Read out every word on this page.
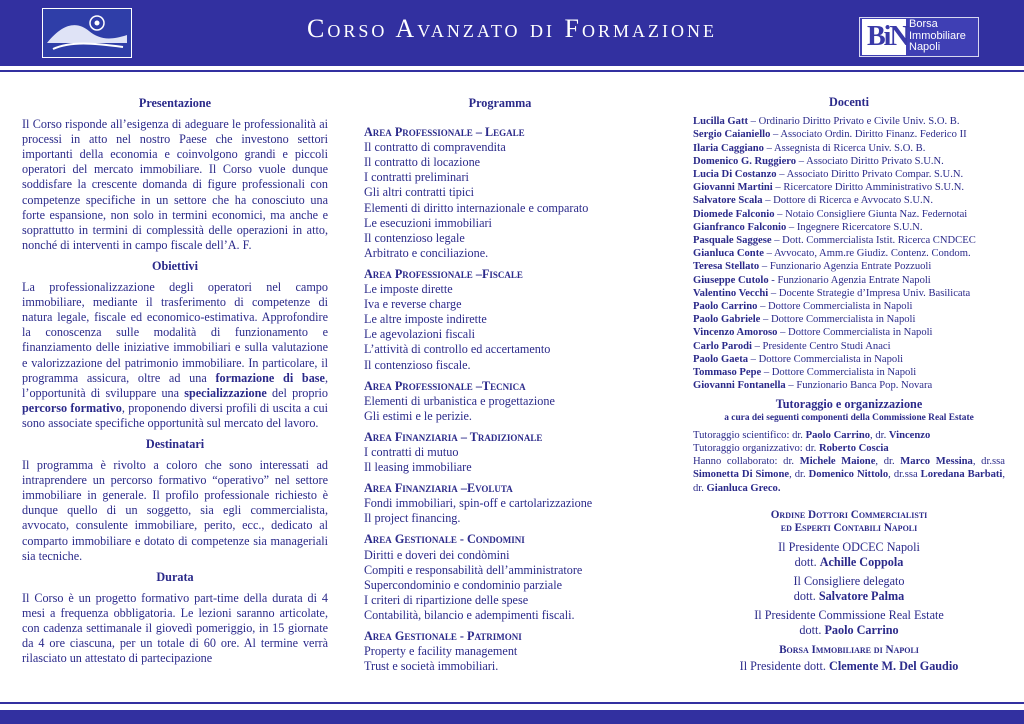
Corso Avanzato di Formazione	BiN Borsa
Immobiliare
Napoli
Presentazione

Il Corso risponde all’esigenza di adeguare le professionalità ai processi in atto nel nostro Paese che investono settori importanti della economia e coinvolgono grandi e piccoli operatori del mercato immobiliare. Il Corso vuole dunque soddisfare la crescente domanda di figure professionali con competenze specifiche in un settore che ha conosciuto una forte espansione, non solo in termini economici, ma anche e soprattutto in termini di complessità delle operazioni in atto, nonché di interventi in campo fiscale dell’A. F.

Obiettivi

La professionalizzazione degli operatori nel campo immobiliare, mediante il trasferimento di competenze di natura legale, fiscale ed economico-estimativa. Approfondire la conoscenza sulle modalità di funzionamento e finanziamento delle iniziative immobiliari e sulla valutazione e valorizzazione del patrimonio immobiliare. In particolare, il programma assicura, oltre ad una formazione di base, l’opportunità di sviluppare una specializzazione del proprio percorso formativo, proponendo diversi profili di uscita a cui sono associate specifiche opportunità sul mercato del lavoro.

Destinatari

Il programma è rivolto a coloro che sono interessati ad intraprendere un percorso formativo “operativo” nel settore immobiliare in generale. Il profilo professionale richiesto è dunque quello di un soggetto, sia egli commercialista, avvocato, consulente immobiliare, perito, ecc., dedicato al comparto immobiliare e dotato di competenze sia manageriali sia tecniche.

Durata

Il Corso è un progetto formativo part-time della durata di 4 mesi a frequenza obbligatoria. Le lezioni saranno articolate, con cadenza settimanale il giovedì pomeriggio, in 15 giornate da 4 ore ciascuna, per un totale di 60 ore. Al termine verrà rilasciato un attestato di partecipazione

Programma
Area Professionale – Legale
Il contratto di compravendita
Il contratto di locazione
I contratti preliminari
Gli altri contratti tipici
Elementi di diritto internazionale e comparato
Le esecuzioni immobiliari
Il contenzioso legale
Arbitrato e conciliazione.
Area Professionale –Fiscale
Le imposte dirette
Iva e reverse charge
Le altre imposte indirette
Le agevolazioni fiscali
L’attività di controllo ed accertamento
Il contenzioso fiscale.
Area Professionale –Tecnica
Elementi di urbanistica e progettazione
Gli estimi e le perizie.
Area Finanziaria – Tradizionale
I contratti di mutuo
Il leasing immobiliare
Area Finanziaria –Evoluta
Fondi immobiliari, spin-off e cartolarizzazione
Il project financing.
Area Gestionale - Condomini
Diritti e doveri dei condòmini
Compiti e responsabilità dell’amministratore
Supercondominio e condominio parziale
I criteri di ripartizione delle spese
Contabilità, bilancio e adempimenti fiscali.
Area Gestionale - Patrimoni
Property e facility management
Trust e società immobiliari.
Docenti
Lucilla Gatt – Ordinario Diritto Privato e Civile Univ. S.O. B.
Sergio Caianiello – Associato Ordin. Diritto Finanz. Federico II
Ilaria Caggiano – Assegnista di Ricerca Univ. S.O. B.
Domenico G. Ruggiero – Associato Diritto Privato S.U.N.
Lucia Di Costanzo – Associato Diritto Privato Compar. S.U.N.
Giovanni Martini – Ricercatore Diritto Amministrativo S.U.N.
Salvatore Scala – Dottore di Ricerca e Avvocato S.U.N.
Diomede Falconio – Notaio Consigliere Giunta Naz. Federnotai
Gianfranco Falconio – Ingegnere Ricercatore S.U.N.
Pasquale Saggese – Dott. Commercialista Istit. Ricerca CNDCEC
Gianluca Conte – Avvocato, Amm.re Giudiz. Contenz. Condom.
Teresa Stellato – Funzionario Agenzia Entrate Pozzuoli
Giuseppe Cutolo - Funzionario Agenzia Entrate Napoli
Valentino Vecchi – Docente Strategie d’Impresa Univ. Basilicata
Paolo Carrino – Dottore Commercialista in Napoli
Paolo Gabriele – Dottore Commercialista in Napoli
Vincenzo Amoroso – Dottore Commercialista in Napoli
Carlo Parodi – Presidente Centro Studi Anaci
Paolo Gaeta – Dottore Commercialista in Napoli
Tommaso Pepe – Dottore Commercialista in Napoli
Giovanni Fontanella – Funzionario Banca Pop. Novara
Tutoraggio e organizzazione
a cura dei seguenti componenti della Commissione Real Estate
Tutoraggio scientifico: dr. Paolo Carrino, dr. Vincenzo
Tutoraggio organizzativo: dr. Roberto Coscia
Hanno collaborato: dr. Michele Maione, dr. Marco Messina, dr.ssa Simonetta Di Simone, dr. Domenico Nittolo, dr.ssa Loredana Barbati, dr. Gianluca Greco.
Ordine Dottori Commercialisti
ed Esperti Contabili Napoli
Il Presidente ODCEC Napoli
dott. Achille Coppola
Il Consigliere delegato
dott. Salvatore Palma
Il Presidente Commissione Real Estate
dott. Paolo Carrino
Borsa Immobiliare di Napoli
Il Presidente dott. Clemente M. Del Gaudio
